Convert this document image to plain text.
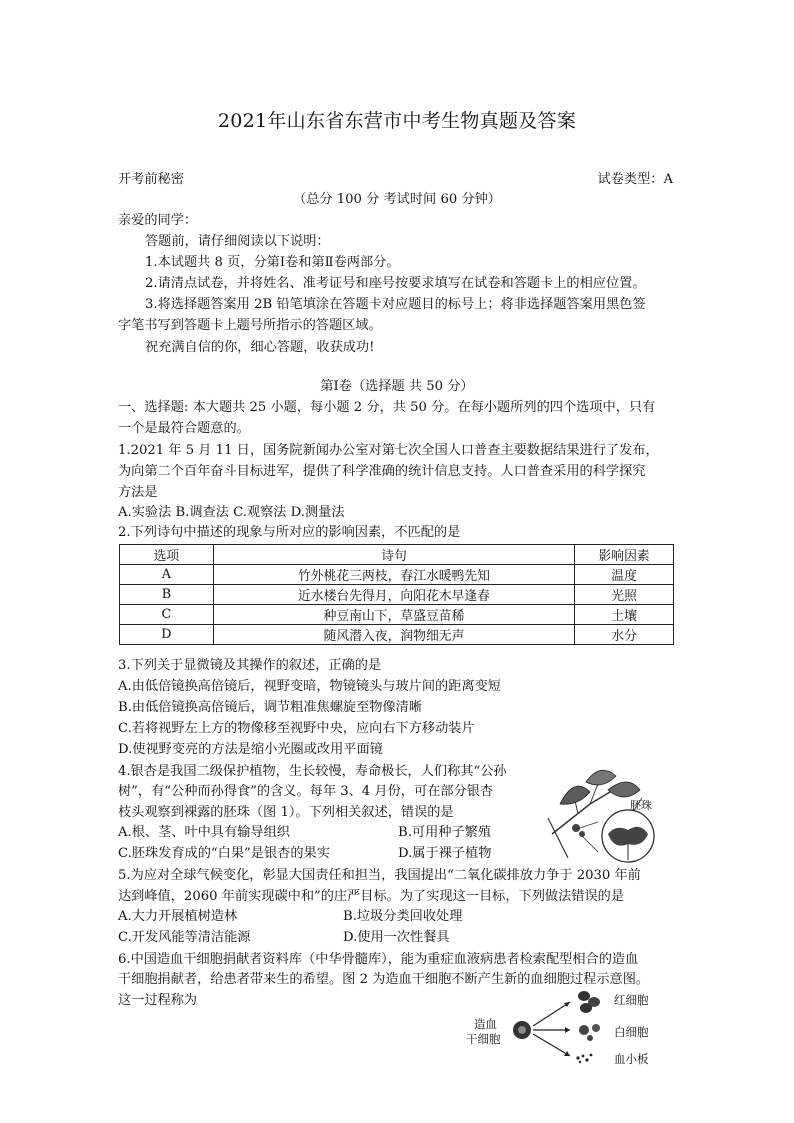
2021年山东省东营市中考生物真题及答案
开考前秘密	试卷类型：A
（总分 100 分 考试时间 60 分钟）
亲爱的同学：
答题前，请仔细阅读以下说明：
1.本试题共 8 页，分第Ⅰ卷和第Ⅱ卷两部分。
2.请清点试卷，并将姓名、准考证号和座号按要求填写在试卷和答题卡上的相应位置。
3.将选择题答案用 2B 铅笔填涂在答题卡对应题目的标号上；将非选择题答案用黑色签
字笔书写到答题卡上题号所指示的答题区域。
祝充满自信的你，细心答题，收获成功!
第Ⅰ卷（选择题 共 50 分）
一、选择题: 本大题共 25 小题，每小题 2 分，共 50 分。在每小题所列的四个选项中，只有
一个是最符合题意的。
1.2021 年 5 月 11 日，国务院新闻办公室对第七次全国人口普查主要数据结果进行了发布，
为向第二个百年奋斗目标进军，提供了科学准确的统计信息支持。人口普查采用的科学探究
方法是
A.实验法 B.调查法 C.观察法 D.测量法
2.下列诗句中描述的现象与所对应的影响因素，不匹配的是
选项	诗句	影响因素
A	竹外桃花三两枝，春江水暖鸭先知	温度
B	近水楼台先得月，向阳花木早逢春	光照
C	种豆南山下，草盛豆苗稀	土壤
D	随风潜入夜，润物细无声	水分
3.下列关于显微镜及其操作的叙述，正确的是
A.由低倍镜换高倍镜后，视野变暗，物镜镜头与玻片间的距离变短
B.由低倍镜换高倍镜后，调节粗准焦螺旋至物像清晰
C.若将视野左上方的物像移至视野中央，应向右下方移动装片
D.使视野变亮的方法是缩小光圈或改用平面镜
4.银杏是我国二级保护植物，生长较慢，寿命极长，人们称其“公孙
树”，有“公种而孙得食”的含义。每年 3、4 月份，可在部分银杏
枝头观察到裸露的胚珠（图 1）。下列相关叙述，错误的是
A.根、茎、叶中具有输导组织	B.可用种子繁殖
C.胚珠发育成的“白果”是银杏的果实	D.属于裸子植物
胚珠
5.为应对全球气候变化，彰显大国责任和担当，我国提出“二氧化碳排放力争于 2030 年前
达到峰值，2060 年前实现碳中和”的庄严目标。为了实现这一目标，下列做法错误的是
A.大力开展植树造林	B.垃圾分类回收处理
C.开发风能等清洁能源	D.使用一次性餐具
6.中国造血干细胞捐献者资料库（中华骨髓库），能为重症血液病患者检索配型相合的造血
干细胞捐献者，给患者带来生的希望。图 2 为造血干细胞不断产生新的血细胞过程示意图。
这一过程称为
造血
干细胞
红细胞
白细胞
血小板
